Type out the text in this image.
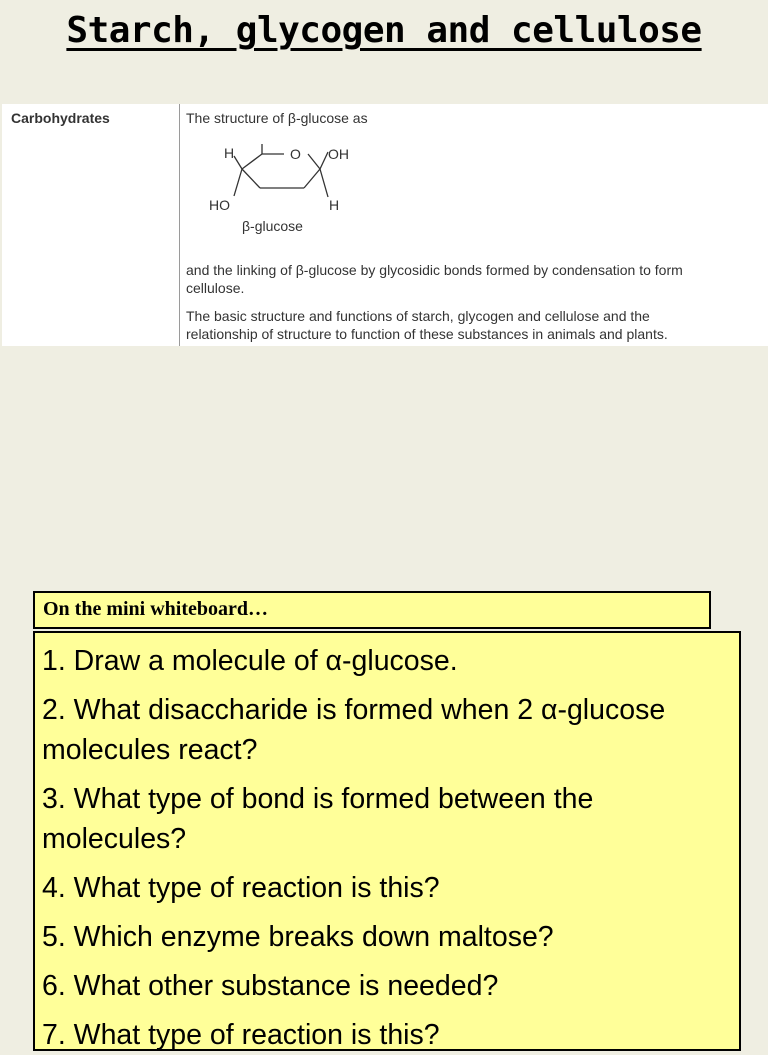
Starch, glycogen and cellulose
Carbohydrates	The structure of β-glucose as
H	O OH
HO	H
β-glucose
and the linking of β-glucose by glycosidic bonds formed by condensation to form
cellulose.
The basic structure and functions of starch, glycogen and cellulose and the
relationship of structure to function of these substances in animals and plants.
On the mini whiteboard…
1. Draw a molecule of α-glucose.
2. What disaccharide is formed when 2 α-glucose molecules react?
3. What type of bond is formed between the molecules?
4. What type of reaction is this?
5. Which enzyme breaks down maltose?
6. What other substance is needed?
7. What type of reaction is this?
